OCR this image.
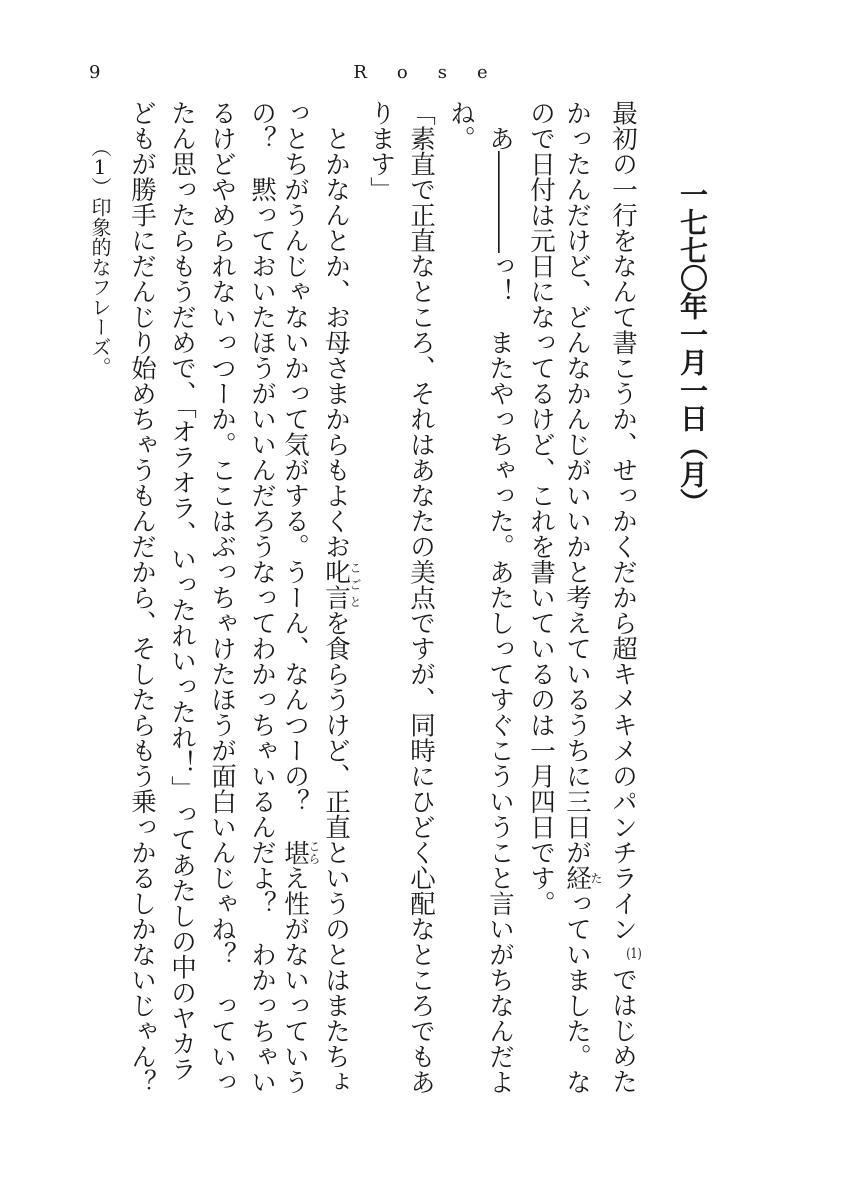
9	Rose
一七七〇年一月一日（月）
最初の一行をなんて書こうか、せっかくだから超キメキメのパンチライン(1)ではじめた
かったんだけど、どんなかんじがいいかと考えているうちに三日が経たっていました。な
ので日付は元日になってるけど、これを書いているのは一月四日です。
　あ――――っ！　またやっちゃった。あたしってすぐこういうこと言いがちなんだよ
ね。
「素直で正直なところ、それはあなたの美点ですが、同時にひどく心配なところでもあ
ります」
　とかなんとか、お母さまからもよくお叱言こごとを食らうけど、正直というのとはまたちょ
っとちがうんじゃないかって気がする。うーん、なんつーの？　堪こらえ性がないっていう
の？　黙っておいたほうがいいんだろうなってわかっちゃいるんだよ？　わかっちゃい
るけどやめられないっつーか。ここはぶっちゃけたほうが面白いんじゃね？　っていっ
たん思ったらもうだめで、「オラオラ、いったれいったれ！」ってあたしの中のヤカラ
どもが勝手にだんじり始めちゃうもんだから、そしたらもう乗っかるしかないじゃん？
（1）印象的なフレーズ。
